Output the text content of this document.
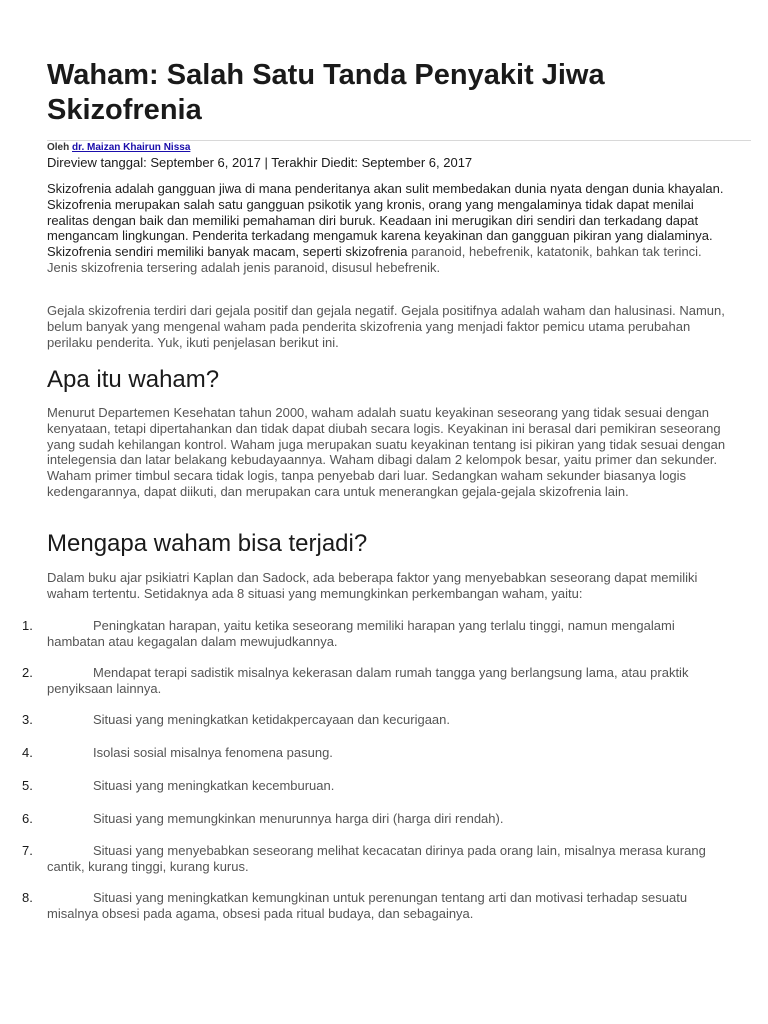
Waham: Salah Satu Tanda Penyakit Jiwa Skizofrenia
Oleh dr. Maizan Khairun Nissa
Direview tanggal: September 6, 2017 | Terakhir Diedit: September 6, 2017

Skizofrenia adalah gangguan jiwa di mana penderitanya akan sulit membedakan dunia nyata dengan dunia khayalan. Skizofrenia merupakan salah satu gangguan psikotik yang kronis, orang yang mengalaminya tidak dapat menilai realitas dengan baik dan memiliki pemahaman diri buruk. Keadaan ini merugikan diri sendiri dan terkadang dapat mengancam lingkungan. Penderita terkadang mengamuk karena keyakinan dan gangguan pikiran yang dialaminya. Skizofrenia sendiri memiliki banyak macam, seperti skizofrenia paranoid, hebefrenik, katatonik, bahkan tak terinci. Jenis skizofrenia tersering adalah jenis paranoid, disusul hebefrenik.

Gejala skizofrenia terdiri dari gejala positif dan gejala negatif. Gejala positifnya adalah waham dan halusinasi. Namun, belum banyak yang mengenal waham pada penderita skizofrenia yang menjadi faktor pemicu utama perubahan perilaku penderita. Yuk, ikuti penjelasan berikut ini.

Apa itu waham?

Menurut Departemen Kesehatan tahun 2000, waham adalah suatu keyakinan seseorang yang tidak sesuai dengan kenyataan, tetapi dipertahankan dan tidak dapat diubah secara logis. Keyakinan ini berasal dari pemikiran seseorang yang sudah kehilangan kontrol. Waham juga merupakan suatu keyakinan tentang isi pikiran yang tidak sesuai dengan intelegensia dan latar belakang kebudayaannya. Waham dibagi dalam 2 kelompok besar, yaitu primer dan sekunder. Waham primer timbul secara tidak logis, tanpa penyebab dari luar. Sedangkan waham sekunder biasanya logis kedengarannya, dapat diikuti, dan merupakan cara untuk menerangkan gejala-gejala skizofrenia lain.

Mengapa waham bisa terjadi?

Dalam buku ajar psikiatri Kaplan dan Sadock, ada beberapa faktor yang menyebabkan seseorang dapat memiliki waham tertentu. Setidaknya ada 8 situasi yang memungkinkan perkembangan waham, yaitu:

1.	Peningkatan harapan, yaitu ketika seseorang memiliki harapan yang terlalu tinggi, namun mengalami hambatan atau kegagalan dalam mewujudkannya.
2.	Mendapat terapi sadistik misalnya kekerasan dalam rumah tangga yang berlangsung lama, atau praktik penyiksaan lainnya.
3.	Situasi yang meningkatkan ketidakpercayaan dan kecurigaan.
4.	Isolasi sosial misalnya fenomena pasung.
5.	Situasi yang meningkatkan kecemburuan.
6.	Situasi yang memungkinkan menurunnya harga diri (harga diri rendah).
7.	Situasi yang menyebabkan seseorang melihat kecacatan dirinya pada orang lain, misalnya merasa kurang cantik, kurang tinggi, kurang kurus.
8.	Situasi yang meningkatkan kemungkinan untuk perenungan tentang arti dan motivasi terhadap sesuatu misalnya obsesi pada agama, obsesi pada ritual budaya, dan sebagainya.
